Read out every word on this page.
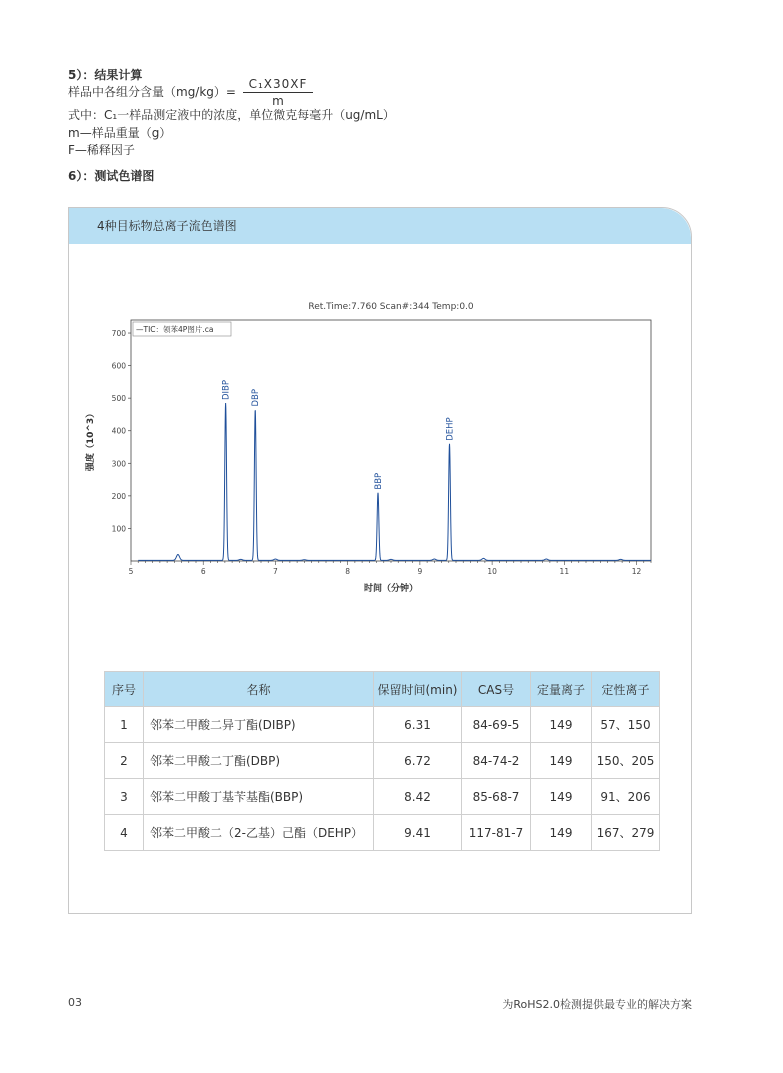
5）：结果计算
样品中各组分含量$(mg/kg)= \frac{\text{C₁X30XF}}{m}$
式中：C₁一样品测定液中的浓度，单位微克每毫升（ug/mL）
m—样品重量（g）
F—稀释因子
6）：测试色谱图
4种目标物总离子流色谱图
Ret.Time:7.760 Scan#:344 Temp:0.0
—TIC：领苯4P图片.ca
100
200
300
400
500
600
700
5	6	7	8	9	10	11	12
DIBP DBP
BBP
DEHP
时间（分钟）
强度（10^3）
序号	名称	保留时间(min)	CAS号	定量离子	定性离子
1	邻苯二甲酸二异丁酯(DIBP)	6.31	84-69-5	149	57、150
2	邻苯二甲酸二丁酯(DBP)	6.72	84-74-2	149	150、205
3	邻苯二甲酸丁基苄基酯(BBP)	8.42	85-68-7	149	91、206
4	邻苯二甲酸二（2-乙基）己酯（DEHP）	9.41	117-81-7	149	167、279
03	为RoHS2.0检测提供最专业的解决方案
